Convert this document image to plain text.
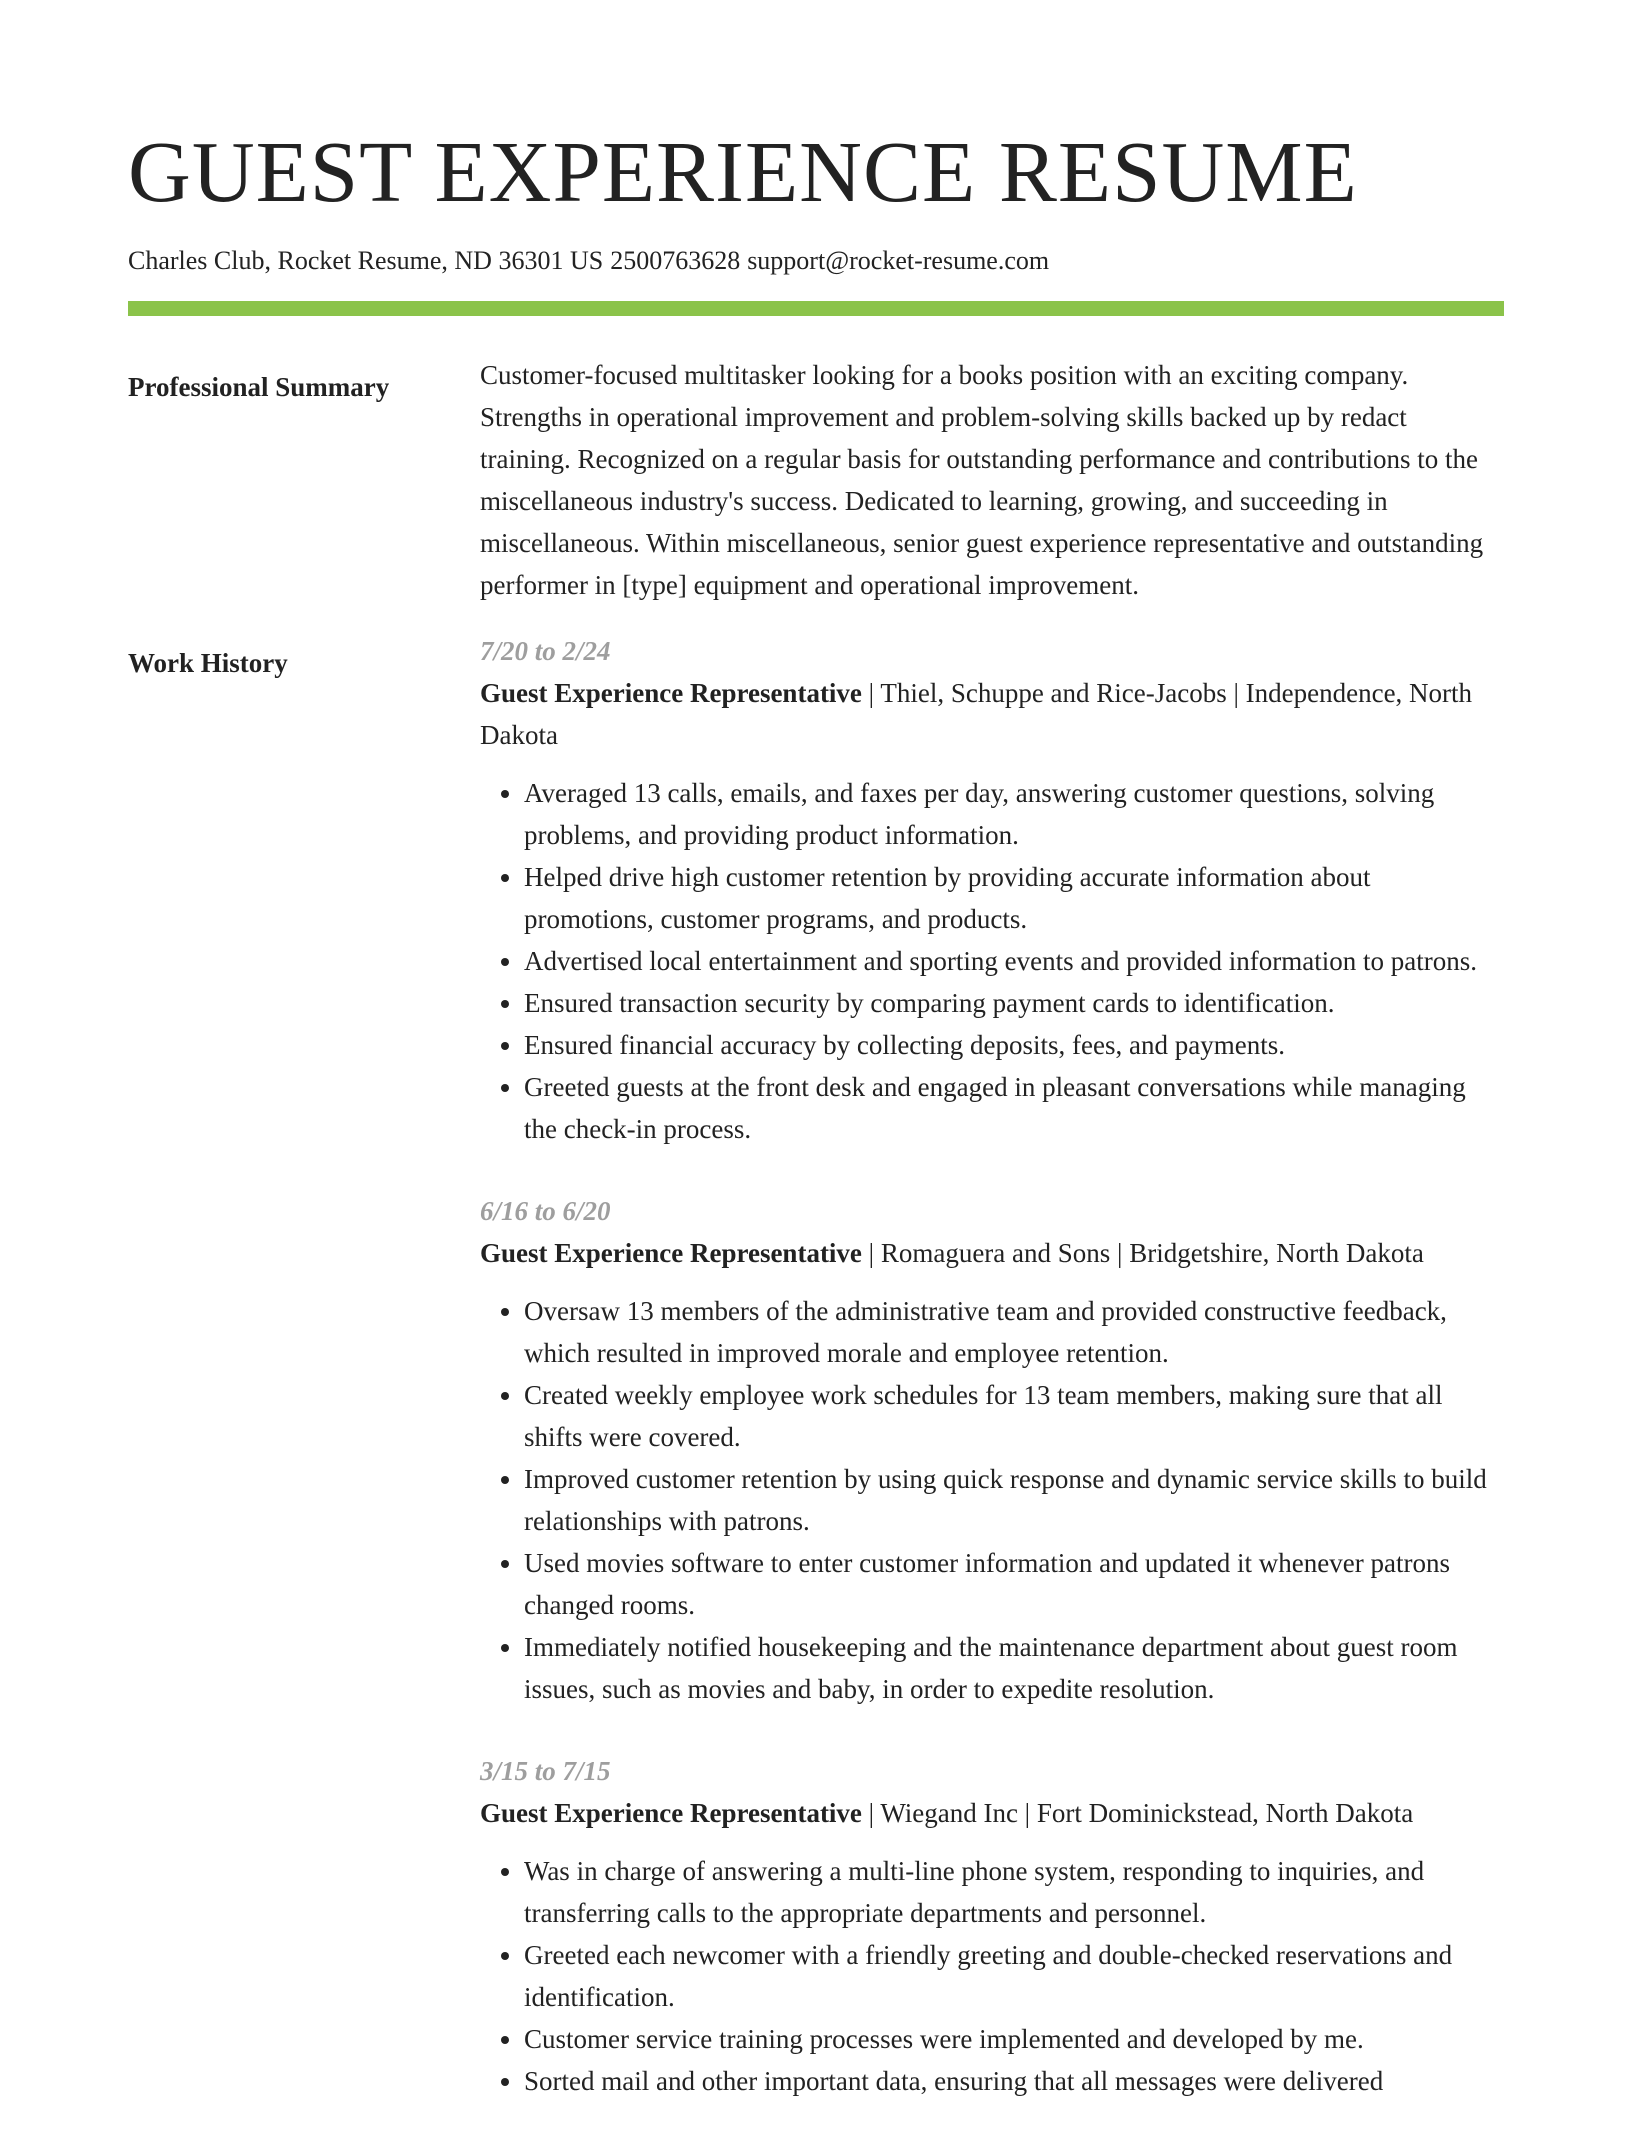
GUEST EXPERIENCE RESUME
Charles Club, Rocket Resume, ND 36301 US 2500763628 support@rocket-resume.com
Professional Summary	Customer-focused multitasker looking for a books position with an exciting company. Strengths in operational improvement and problem-solving skills backed up by redact training. Recognized on a regular basis for outstanding performance and contributions to the miscellaneous industry's success. Dedicated to learning, growing, and succeeding in miscellaneous. Within miscellaneous, senior guest experience representative and outstanding performer in [type] equipment and operational improvement.

Work History	7/20 to 2/24

Guest Experience Representative | Thiel, Schuppe and Rice-Jacobs | Independence, North Dakota

• Averaged 13 calls, emails, and faxes per day, answering customer questions, solving problems, and providing product information.
• Helped drive high customer retention by providing accurate information about promotions, customer programs, and products.
• Advertised local entertainment and sporting events and provided information to patrons.
• Ensured transaction security by comparing payment cards to identification.
• Ensured financial accuracy by collecting deposits, fees, and payments.
• Greeted guests at the front desk and engaged in pleasant conversations while managing the check-in process.
6/16 to 6/20

Guest Experience Representative | Romaguera and Sons | Bridgetshire, North Dakota

• Oversaw 13 members of the administrative team and provided constructive feedback, which resulted in improved morale and employee retention.
• Created weekly employee work schedules for 13 team members, making sure that all shifts were covered.
• Improved customer retention by using quick response and dynamic service skills to build relationships with patrons.
• Used movies software to enter customer information and updated it whenever patrons changed rooms.
• Immediately notified housekeeping and the maintenance department about guest room issues, such as movies and baby, in order to expedite resolution.
3/15 to 7/15

Guest Experience Representative | Wiegand Inc | Fort Dominickstead, North Dakota

• Was in charge of answering a multi-line phone system, responding to inquiries, and transferring calls to the appropriate departments and personnel.
• Greeted each newcomer with a friendly greeting and double-checked reservations and identification.
• Customer service training processes were implemented and developed by me.
• Sorted mail and other important data, ensuring that all messages were delivered
